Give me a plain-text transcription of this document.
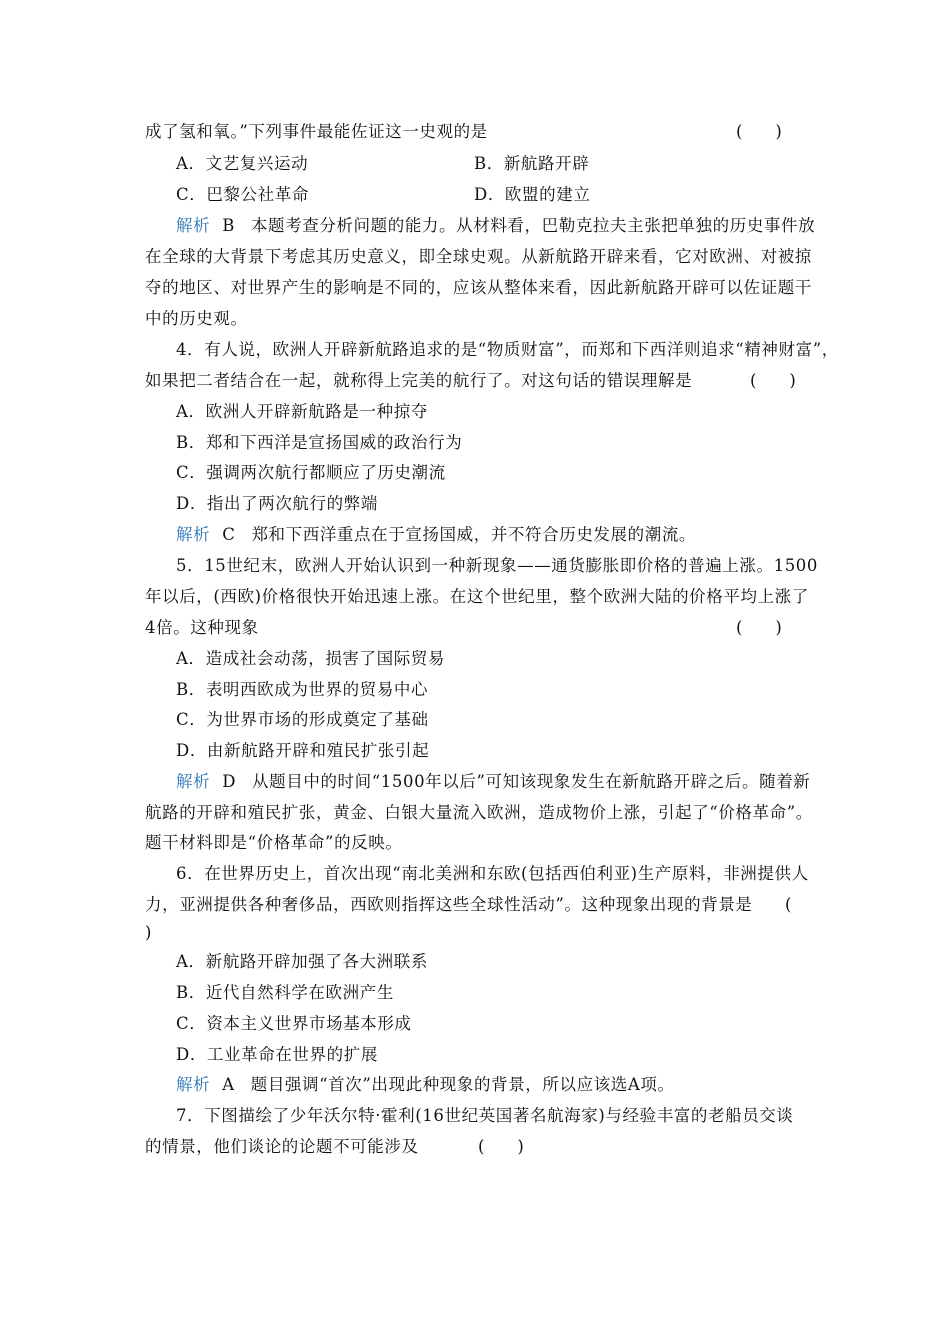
成了氢和氧。”下列事件最能佐证这一史观的是	(　　)
A．文艺复兴运动	B．新航路开辟
C．巴黎公社革命	D．欧盟的建立
解析 B 本题考查分析问题的能力。从材料看，巴勒克拉夫主张把单独的历史事件放
在全球的大背景下考虑其历史意义，即全球史观。从新航路开辟来看，它对欧洲、对被掠
夺的地区、对世界产生的影响是不同的，应该从整体来看，因此新航路开辟可以佐证题干
中的历史观。
4．有人说，欧洲人开辟新航路追求的是“物质财富”，而郑和下西洋则追求“精神财富”，
如果把二者结合在一起，就称得上完美的航行了。对这句话的错误理解是	(　　)
A．欧洲人开辟新航路是一种掠夺
B．郑和下西洋是宣扬国威的政治行为
C．强调两次航行都顺应了历史潮流
D．指出了两次航行的弊端
解析 C 郑和下西洋重点在于宣扬国威，并不符合历史发展的潮流。
5．15世纪末，欧洲人开始认识到一种新现象——通货膨胀即价格的普遍上涨。1500
年以后，(西欧)价格很快开始迅速上涨。在这个世纪里，整个欧洲大陆的价格平均上涨了
4倍。这种现象	(　　)
A．造成社会动荡，损害了国际贸易
B．表明西欧成为世界的贸易中心
C．为世界市场的形成奠定了基础
D．由新航路开辟和殖民扩张引起
解析 D 从题目中的时间“1500年以后”可知该现象发生在新航路开辟之后。随着新
航路的开辟和殖民扩张，黄金、白银大量流入欧洲，造成物价上涨，引起了“价格革命”。
题干材料即是“价格革命”的反映。
6．在世界历史上，首次出现“南北美洲和东欧(包括西伯利亚)生产原料，非洲提供人
力，亚洲提供各种奢侈品，西欧则指挥这些全球性活动”。这种现象出现的背景是 (
)
A．新航路开辟加强了各大洲联系
B．近代自然科学在欧洲产生
C．资本主义世界市场基本形成
D．工业革命在世界的扩展
解析 A 题目强调“首次”出现此种现象的背景，所以应该选A项。
7．下图描绘了少年沃尔特·霍利(16世纪英国著名航海家)与经验丰富的老船员交谈
的情景，他们谈论的论题不可能涉及	(　　)
